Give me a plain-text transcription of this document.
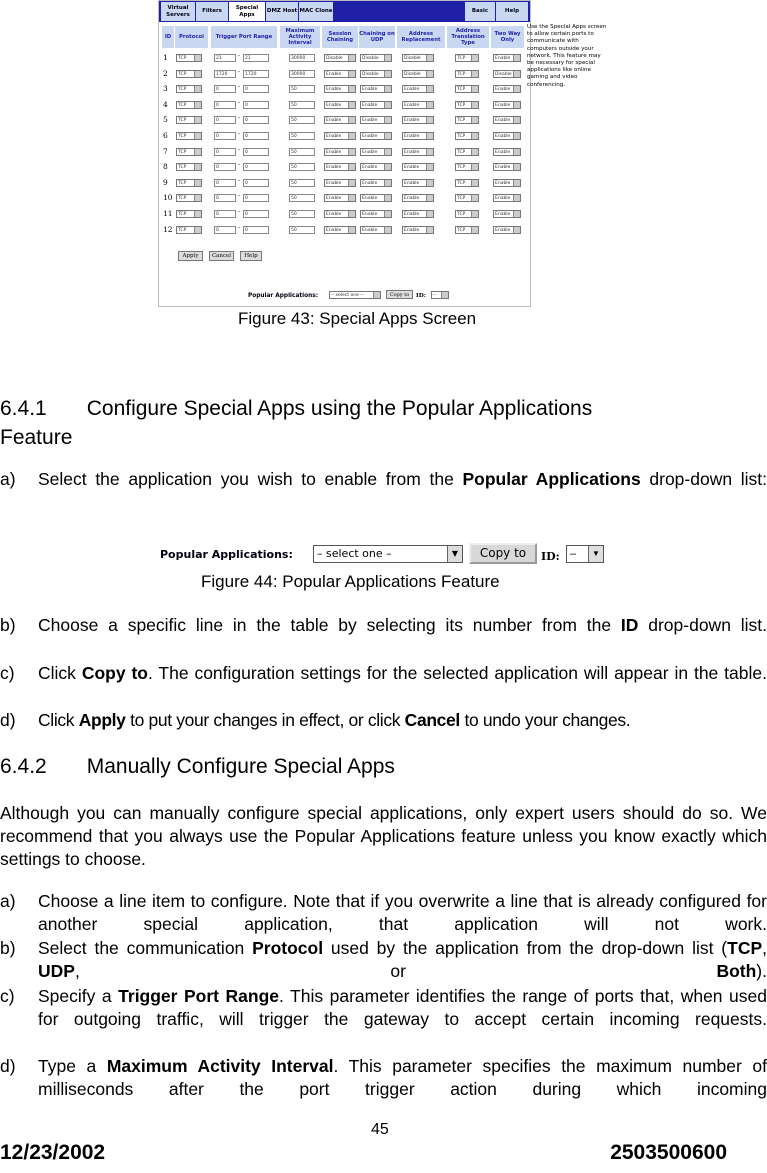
Virtual Servers
Filters
Special Apps
DMZ Host MAC Clone	Basic	Help
ID	Protocol	Trigger Port Range
Maximum Activity Interval
Session Chaining
Chaining on UDP
Address Replacement
Address Translation Type
Two Way Only
Use the Special Apps screen to allow certain ports to communicate with computers outside your network. This feature may be necessary for special applications like online gaming and video conferencing.
1	TCP	21	21	30000	Disable	Disable	Disable	TCP	Enable
-
2	TCP	1720	1720	30000	Enable	Disable	Disable	TCP	Disable
-
3	TCP	0	0	50	Enable	Enable	Enable	TCP	Enable
-
4	TCP	0	0	50	Enable	Enable	Enable	TCP	Enable
-
5	TCP	0	0	50	Enable	Enable	Enable	TCP	Enable
-
6	TCP	0	0	50	Enable	Enable	Enable	TCP	Enable
-
7	TCP	0	0	50	Enable	Enable	Enable	TCP	Enable
-
8	TCP	0	0	50	Enable	Enable	Enable	TCP	Enable
-
9	TCP	0	0	50	Enable	Enable	Enable	TCP	Enable
-
10	TCP	0	0	50	Enable	Enable	Enable	TCP	Enable
-
11	TCP	0	0	50	Enable	Enable	Enable	TCP	Enable
-
12	TCP	0	0	50	Enable	Enable	Enable	TCP	Enable
-
Apply	Cancel	Help
Popular Applications:	-- select one --	Copy to	ID:	--
Figure 43: Special Apps Screen
6.4.1 Configure Special Apps using the Popular Applications
Feature
a) Select the application you wish to enable from the Popular Applications drop-down list:
Popular Applications:	– select one –	▼	Copy to	ID: –	▼
Figure 44: Popular Applications Feature
b) Choose a specific line in the table by selecting its number from the ID drop-down list.
c) Click Copy to. The configuration settings for the selected application will appear in the table.
d) Click Apply to put your changes in effect, or click Cancel to undo your changes.
6.4.2 Manually Configure Special Apps
Although you can manually configure special applications, only expert users should do so. We recommend that you always use the Popular Applications feature unless you know exactly which settings to choose.
a) Choose a line item to configure. Note that if you overwrite a line that is already configured for another special application, that application will not work.
b) Select the communication Protocol used by the application from the drop-down list (TCP, UDP, or Both).
c) Specify a Trigger Port Range. This parameter identifies the range of ports that, when used for outgoing traffic, will trigger the gateway to accept certain incoming requests.
d) Type a Maximum Activity Interval. This parameter specifies the maximum number of milliseconds after the port trigger action during which incoming
45
12/23/2002	2503500600
